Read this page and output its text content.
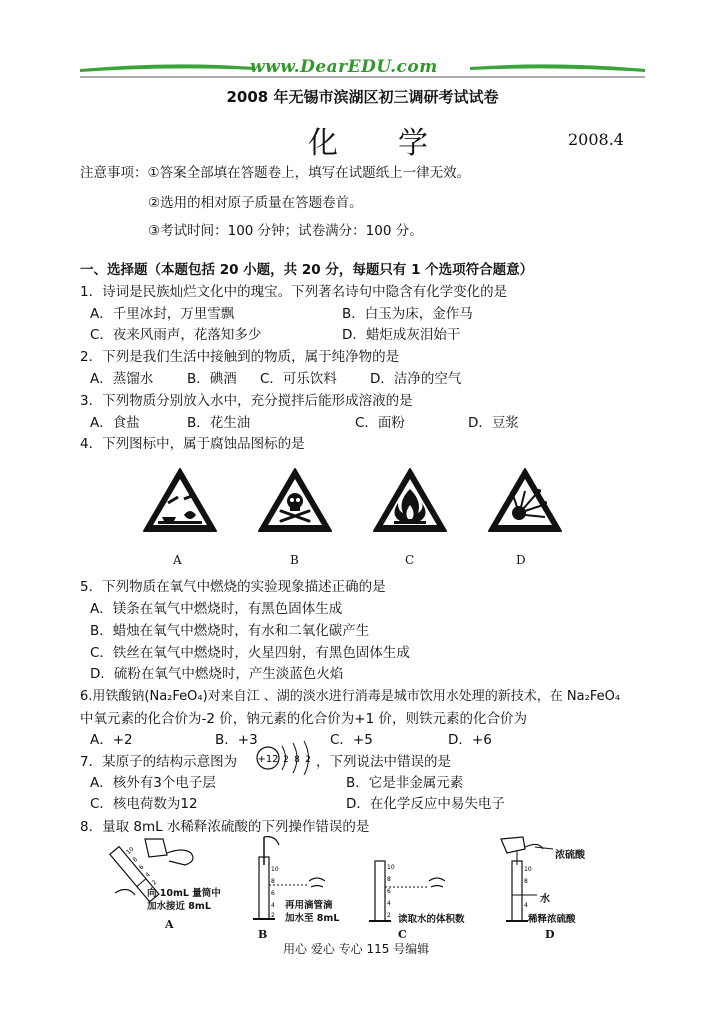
www.DearEDU.com
2008 年无锡市滨湖区初三调研考试试卷
化 学	2008.4
注意事项：①答案全部填在答题卷上，填写在试题纸上一律无效。
②选用的相对原子质量在答题卷首。
③考试时间：100 分钟；试卷满分：100 分。
一、选择题（本题包括 20 小题，共 20 分，每题只有 1 个选项符合题意）
1．诗词是民族灿烂文化中的瑰宝。下列著名诗句中隐含有化学变化的是
A．千里冰封，万里雪飘	B．白玉为床，金作马
C．夜来风雨声，花落知多少	D．蜡炬成灰泪始干
2．下列是我们生活中接触到的物质，属于纯净物的是
A．蒸馏水	B．碘酒 C．可乐饮料 D．洁净的空气
3．下列物质分别放入水中，充分搅拌后能形成溶液的是
A．食盐	B．花生油	C．面粉	D．豆浆
4．下列图标中，属于腐蚀品图标的是
A	B	C	D
5．下列物质在氧气中燃烧的实验现象描述正确的是
A．镁条在氧气中燃烧时，有黑色固体生成
B．蜡烛在氧气中燃烧时，有水和二氧化碳产生
C．铁丝在氧气中燃烧时，火星四射，有黑色固体生成
D．硫粉在氧气中燃烧时，产生淡蓝色火焰
6.用铁酸钠(Na₂FeO₄)对来自江 、湖的淡水进行消毒是城市饮用水处理的新技术，在 Na₂FeO₄
中氧元素的化合价为-2 价，钠元素的化合价为+1 价，则铁元素的化合价为
A．+2	B．+3	C．+5	D．+6
7．某原子的结构示意图为 +12 2 8 2 ，下列说法中错误的是
A．核外有3个电子层	B．它是非金属元素
C．核电荷数为12	D．在化学反应中易失电子
8．量取 8mL 水稀释浓硫酸的下列操作错误的是
10
8
6
4
2
向 10mL 量筒中
加水接近 8mL
A
10
8
6
4
2
再用滴管滴
加水至 8mL
B
10
8
6
4
2 读取水的体积数
C
10
8
4
浓硫酸
水
稀释浓硫酸
D
用心 爱心 专心 115 号编辑
